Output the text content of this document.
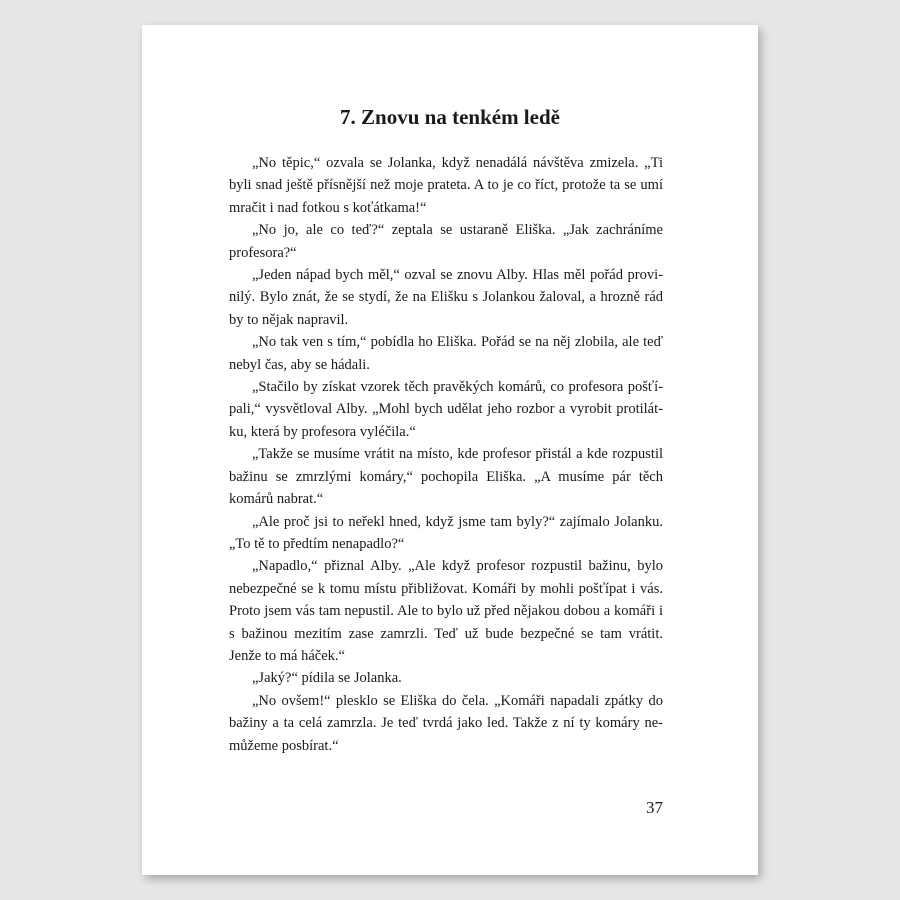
7. Znovu na tenkém ledě

„No těpic,“ ozvala se Jolanka, když nenadálá návštěva zmizela. „Ti byli snad ještě přísnější než moje prateta. A to je co říct, protože ta se umí mračit i nad fotkou s koťátkama!“

„No jo, ale co teď?“ zeptala se ustaraně Eliška. „Jak zachráníme profesora?“

„Jeden nápad bych měl,“ ozval se znovu Alby. Hlas měl pořád provinilý. Bylo znát, že se stydí, že na Elišku s Jolankou žaloval, a hrozně rád by to nějak napravil.

„No tak ven s tím,“ pobídla ho Eliška. Pořád se na něj zlobila, ale teď nebyl čas, aby se hádali.

„Stačilo by získat vzorek těch pravěkých komárů, co profesora pošťípali,“ vysvětloval Alby. „Mohl bych udělat jeho rozbor a vyrobit protilátku, která by profesora vyléčila.“

„Takže se musíme vrátit na místo, kde profesor přistál a kde rozpustil bažinu se zmrzlými komáry,“ pochopila Eliška. „A musíme pár těch komárů nabrat.“

„Ale proč jsi to neřekl hned, když jsme tam byly?“ zajímalo Jolanku. „To tě to předtím nenapadlo?“

„Napadlo,“ přiznal Alby. „Ale když profesor rozpustil bažinu, bylo nebezpečné se k tomu místu přibližovat. Komáři by mohli pošťípat i vás. Proto jsem vás tam nepustil. Ale to bylo už před nějakou dobou a komáři i s bažinou mezitím zase zamrzli. Teď už bude bezpečné se tam vrátit. Jenže to má háček.“

„Jaký?“ pídila se Jolanka.

„No ovšem!“ plesklo se Eliška do čela. „Komáři napadali zpátky do bažiny a ta celá zamrzla. Je teď tvrdá jako led. Takže z ní ty komáry nemůžeme posbírat.“

37
